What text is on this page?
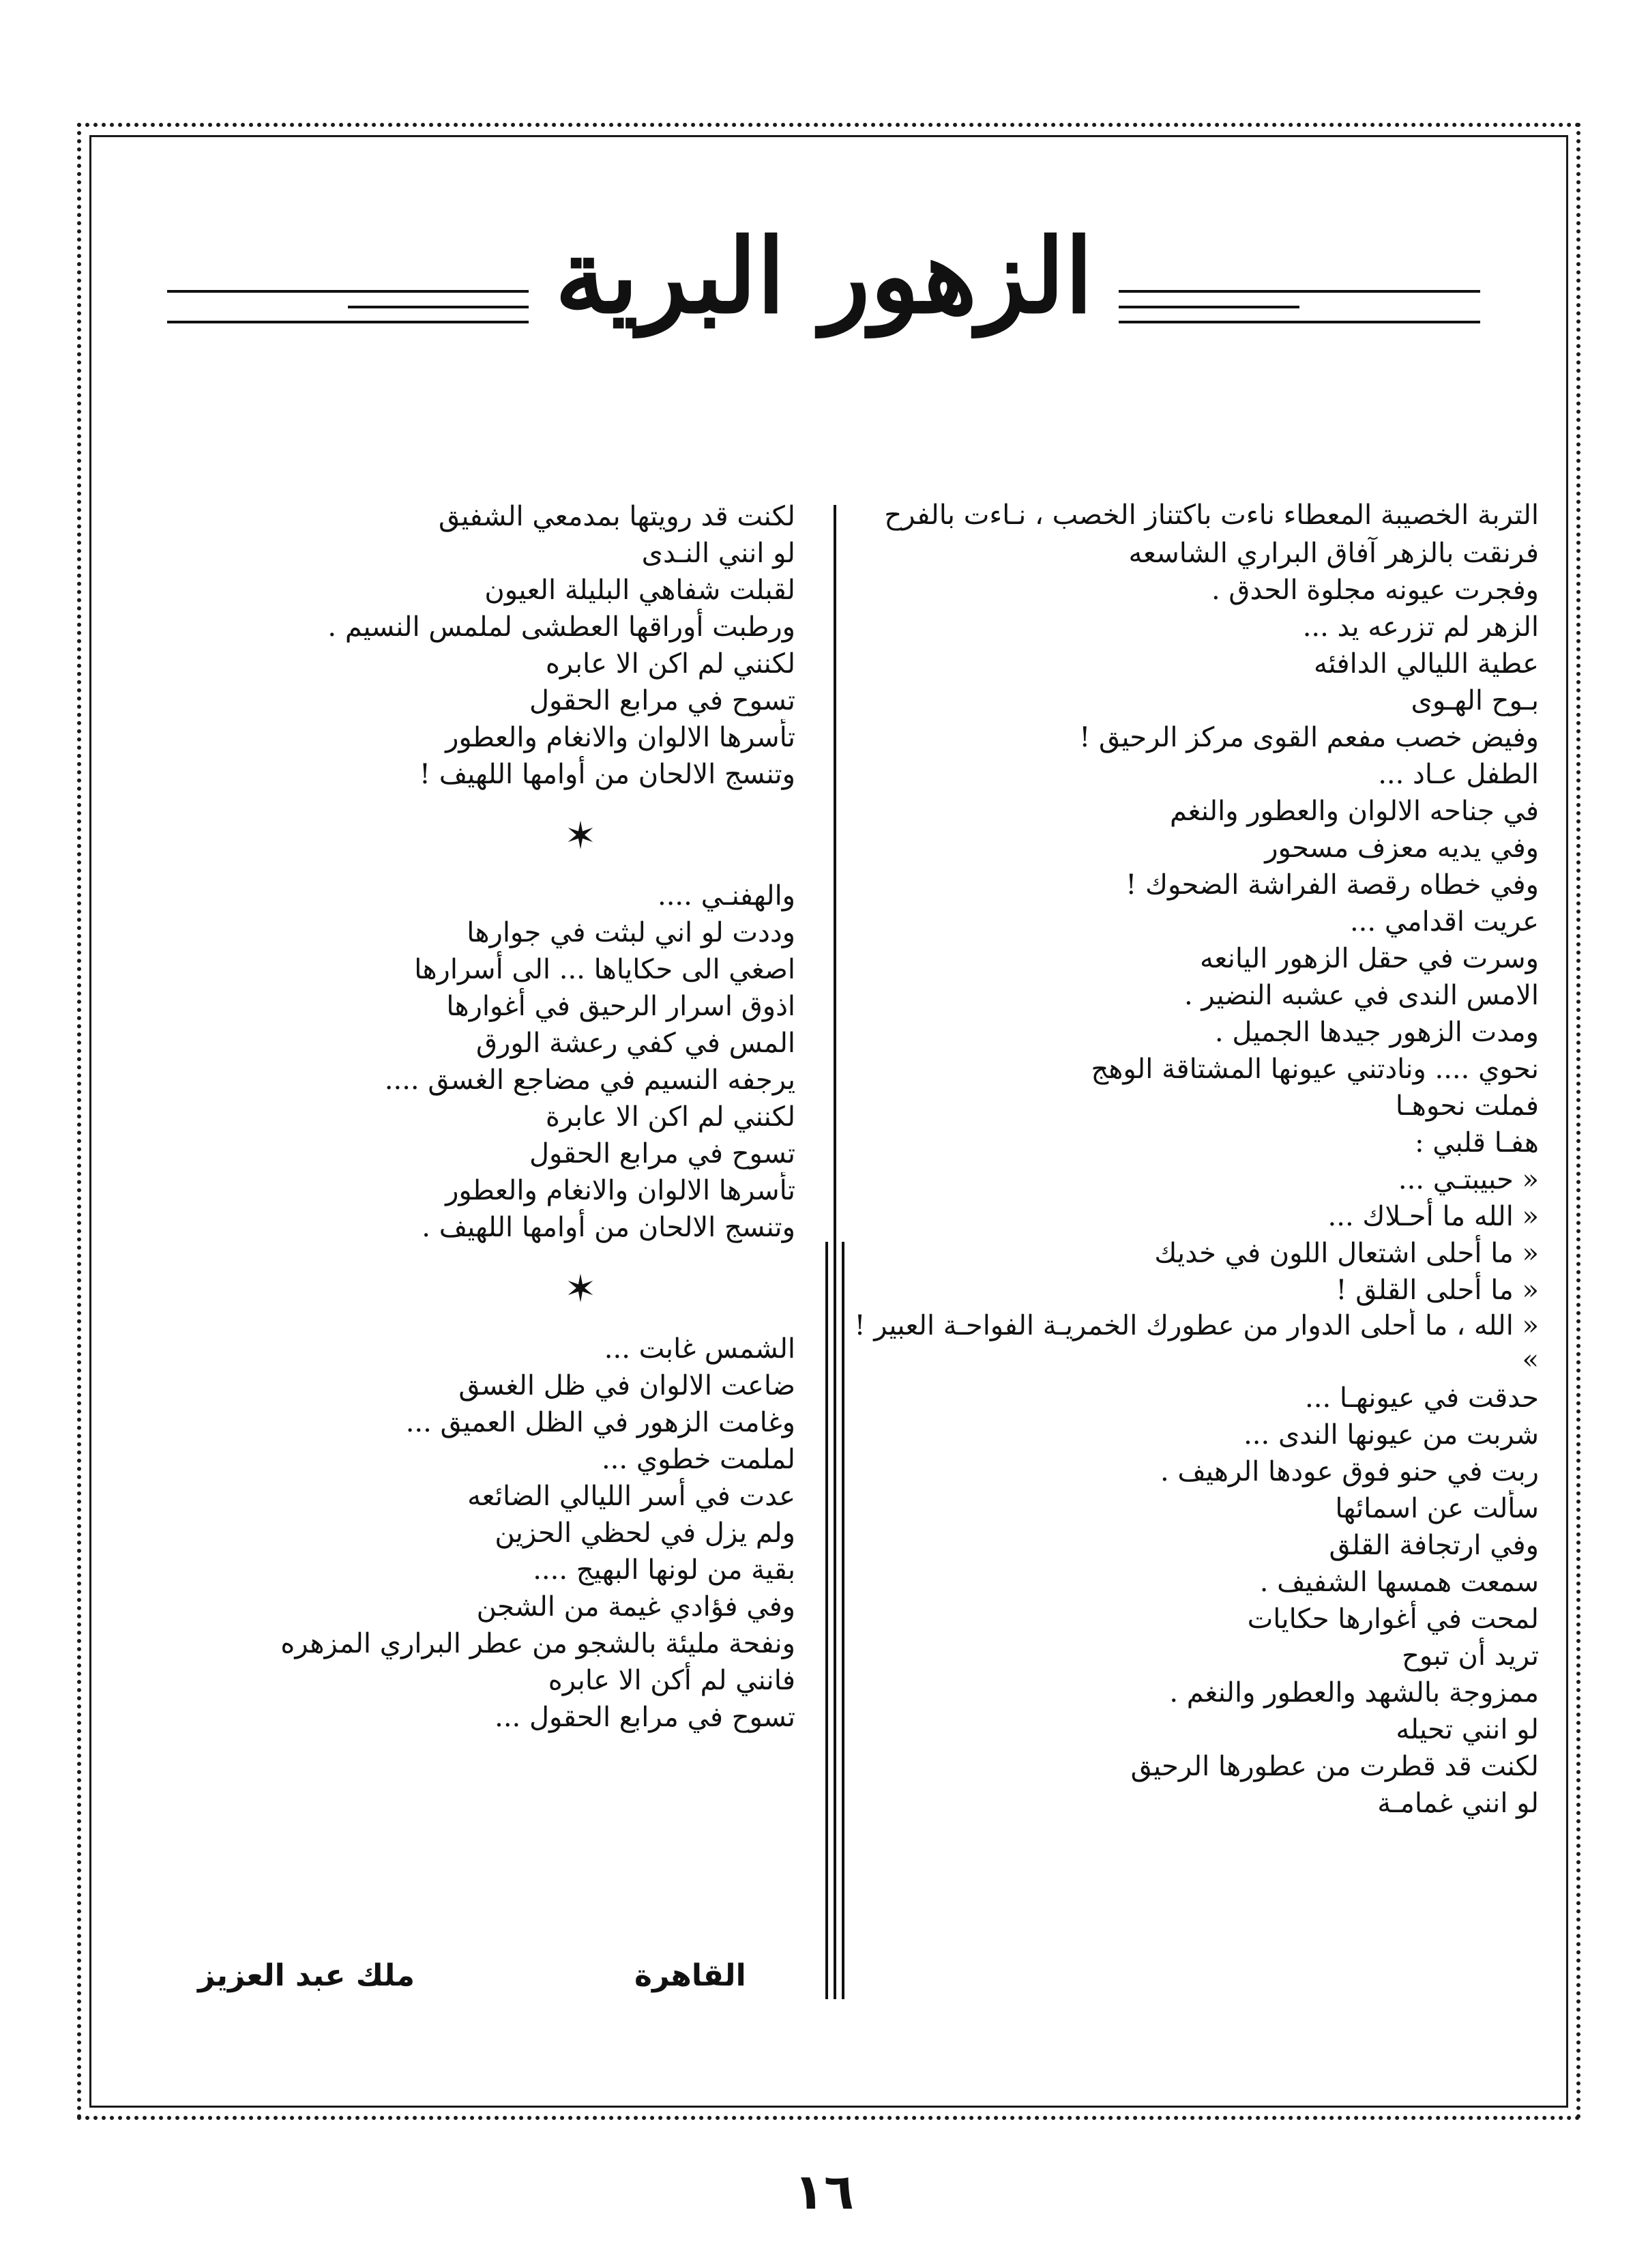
الزهور البرية
التربة الخصيبة المعطاء ناءت باكتناز الخصب ، نـاءت بالفرح
فرنقت بالزهر آفاق البراري الشاسعه
وفجرت عيونه مجلوة الحدق .
الزهر لم تزرعه يد ...
عطية الليالي الدافئه
بـوح الهـوى
وفيض خصب مفعم القوى مركز الرحيق !
الطفل عـاد ...
في جناحه الالوان والعطور والنغم
وفي يديه معزف مسحور
وفي خطاه رقصة الفراشة الضحوك !
عريت اقدامي ...
وسرت في حقل الزهور اليانعه
الامس الندى في عشبه النضير .
ومدت الزهور جيدها الجميل .
نحوي .... ونادتني عيونها المشتاقة الوهج
فملت نحوهـا
هفـا قلبي :
« حبيبتـي ...
« الله ما أحـلاك ...
« ما أحلى اشتعال اللون في خديك
« ما أحلى القلق !
« الله ، ما أحلى الدوار من عطورك الخمريـة الفواحـة العبير ! »
حدقت في عيونهـا ...
شربت من عيونها الندى ...
ربت في حنو فوق عودها الرهيف .
سألت عن اسمائها
وفي ارتجافة القلق
سمعت همسها الشفيف .
لمحت في أغوارها حكايات
تريد أن تبوح
ممزوجة بالشهد والعطور والنغم .
لو انني تحيله
لكنت قد قطرت من عطورها الرحيق
لو انني غمامـة
لكنت قد رويتها بمدمعي الشفيق
لو انني النـدى
لقبلت شفاهي البليلة العيون
ورطبت أوراقها العطشى لملمس النسيم .
لكنني لم اكن الا عابره
تسوح في مرابع الحقول
تأسرها الالوان والانغام والعطور
وتنسج الالحان من أوامها اللهيف !
✶
والهفنـي ....
وددت لو اني لبثت في جوارها
اصغي الى حكاياها ... الى أسرارها
اذوق اسرار الرحيق في أغوارها
المس في كفي رعشة الورق
يرجفه النسيم في مضاجع الغسق ....
لكنني لم اكن الا عابرة
تسوح في مرابع الحقول
تأسرها الالوان والانغام والعطور
وتنسج الالحان من أوامها اللهيف .
✶
الشمس غابت ...
ضاعت الالوان في ظل الغسق
وغامت الزهور في الظل العميق ...
لملمت خطوي ...
عدت في أسر الليالي الضائعه
ولم يزل في لحظي الحزين
بقية من لونها البهيج ....
وفي فؤادي غيمة من الشجن
ونفحة مليئة بالشجو من عطر البراري المزهره
فانني لم أكن الا عابره
تسوح في مرابع الحقول ...
القاهرة
ملك عبد العزيز
١٦
